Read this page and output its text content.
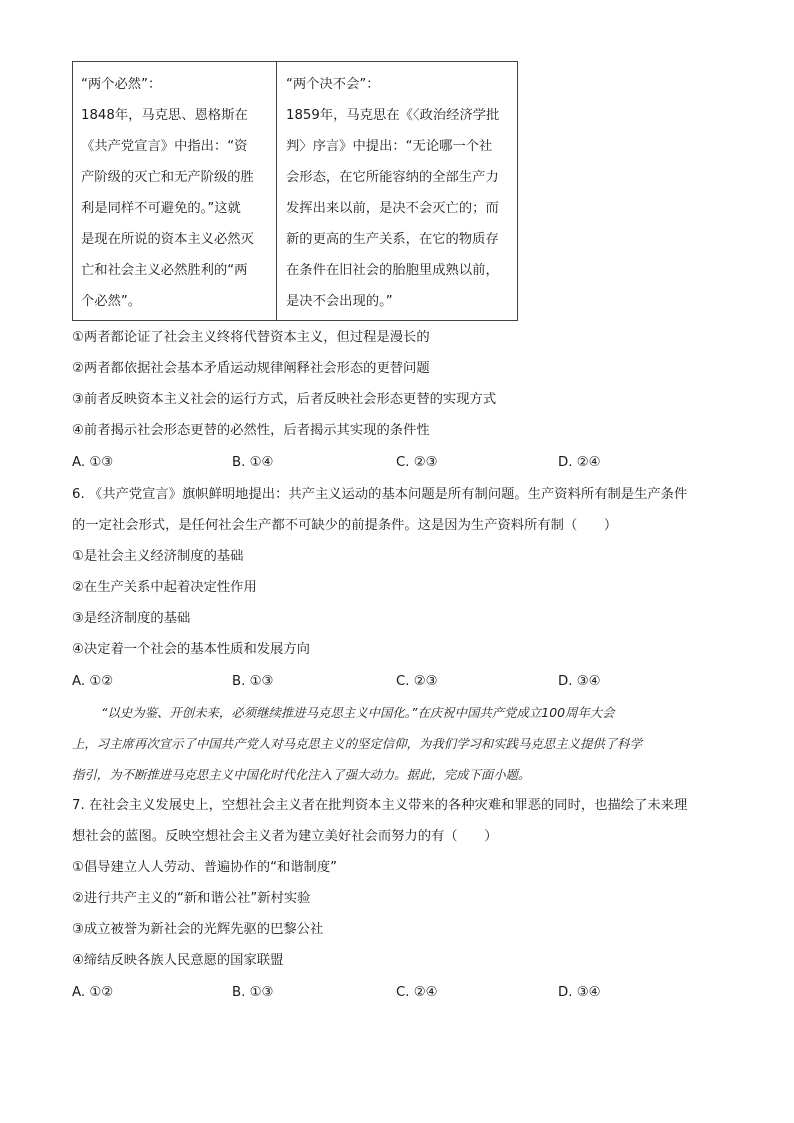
“两个必然”：
1848年，马克思、恩格斯在
《共产党宣言》中指出：“资
产阶级的灭亡和无产阶级的胜
利是同样不可避免的。”这就
是现在所说的资本主义必然灭
亡和社会主义必然胜利的“两
个必然”。
“两个决不会”：
1859年，马克思在《〈政治经济学批
判〉序言》中提出：“无论哪一个社
会形态，在它所能容纳的全部生产力
发挥出来以前，是决不会灭亡的；而
新的更高的生产关系，在它的物质存
在条件在旧社会的胎胞里成熟以前，
是决不会出现的。”
①两者都论证了社会主义终将代替资本主义，但过程是漫长的
②两者都依据社会基本矛盾运动规律阐释社会形态的更替问题
③前者反映资本主义社会的运行方式，后者反映社会形态更替的实现方式
④前者揭示社会形态更替的必然性，后者揭示其实现的条件性
A. ①③	B. ①④	C. ②③	D. ②④
6. 《共产党宣言》旗帜鲜明地提出：共产主义运动的基本问题是所有制问题。生产资料所有制是生产条件
的一定社会形式，是任何社会生产都不可缺少的前提条件。这是因为生产资料所有制（　　）
①是社会主义经济制度的基础
②在生产关系中起着决定性作用
③是经济制度的基础
④决定着一个社会的基本性质和发展方向
A. ①②	B. ①③	C. ②③	D. ③④
“以史为鉴、开创未来，必须继续推进马克思主义中国化。”在庆祝中国共产党成立100周年大会
上，习主席再次宣示了中国共产党人对马克思主义的坚定信仰，为我们学习和实践马克思主义提供了科学
指引，为不断推进马克思主义中国化时代化注入了强大动力。据此，完成下面小题。
7. 在社会主义发展史上，空想社会主义者在批判资本主义带来的各种灾难和罪恶的同时，也描绘了未来理
想社会的蓝图。反映空想社会主义者为建立美好社会而努力的有（　　）
①倡导建立人人劳动、普遍协作的“和谐制度”
②进行共产主义的“新和谐公社”新村实验
③成立被誉为新社会的光辉先驱的巴黎公社
④缔结反映各族人民意愿的国家联盟
A. ①②	B. ①③	C. ②④	D. ③④
